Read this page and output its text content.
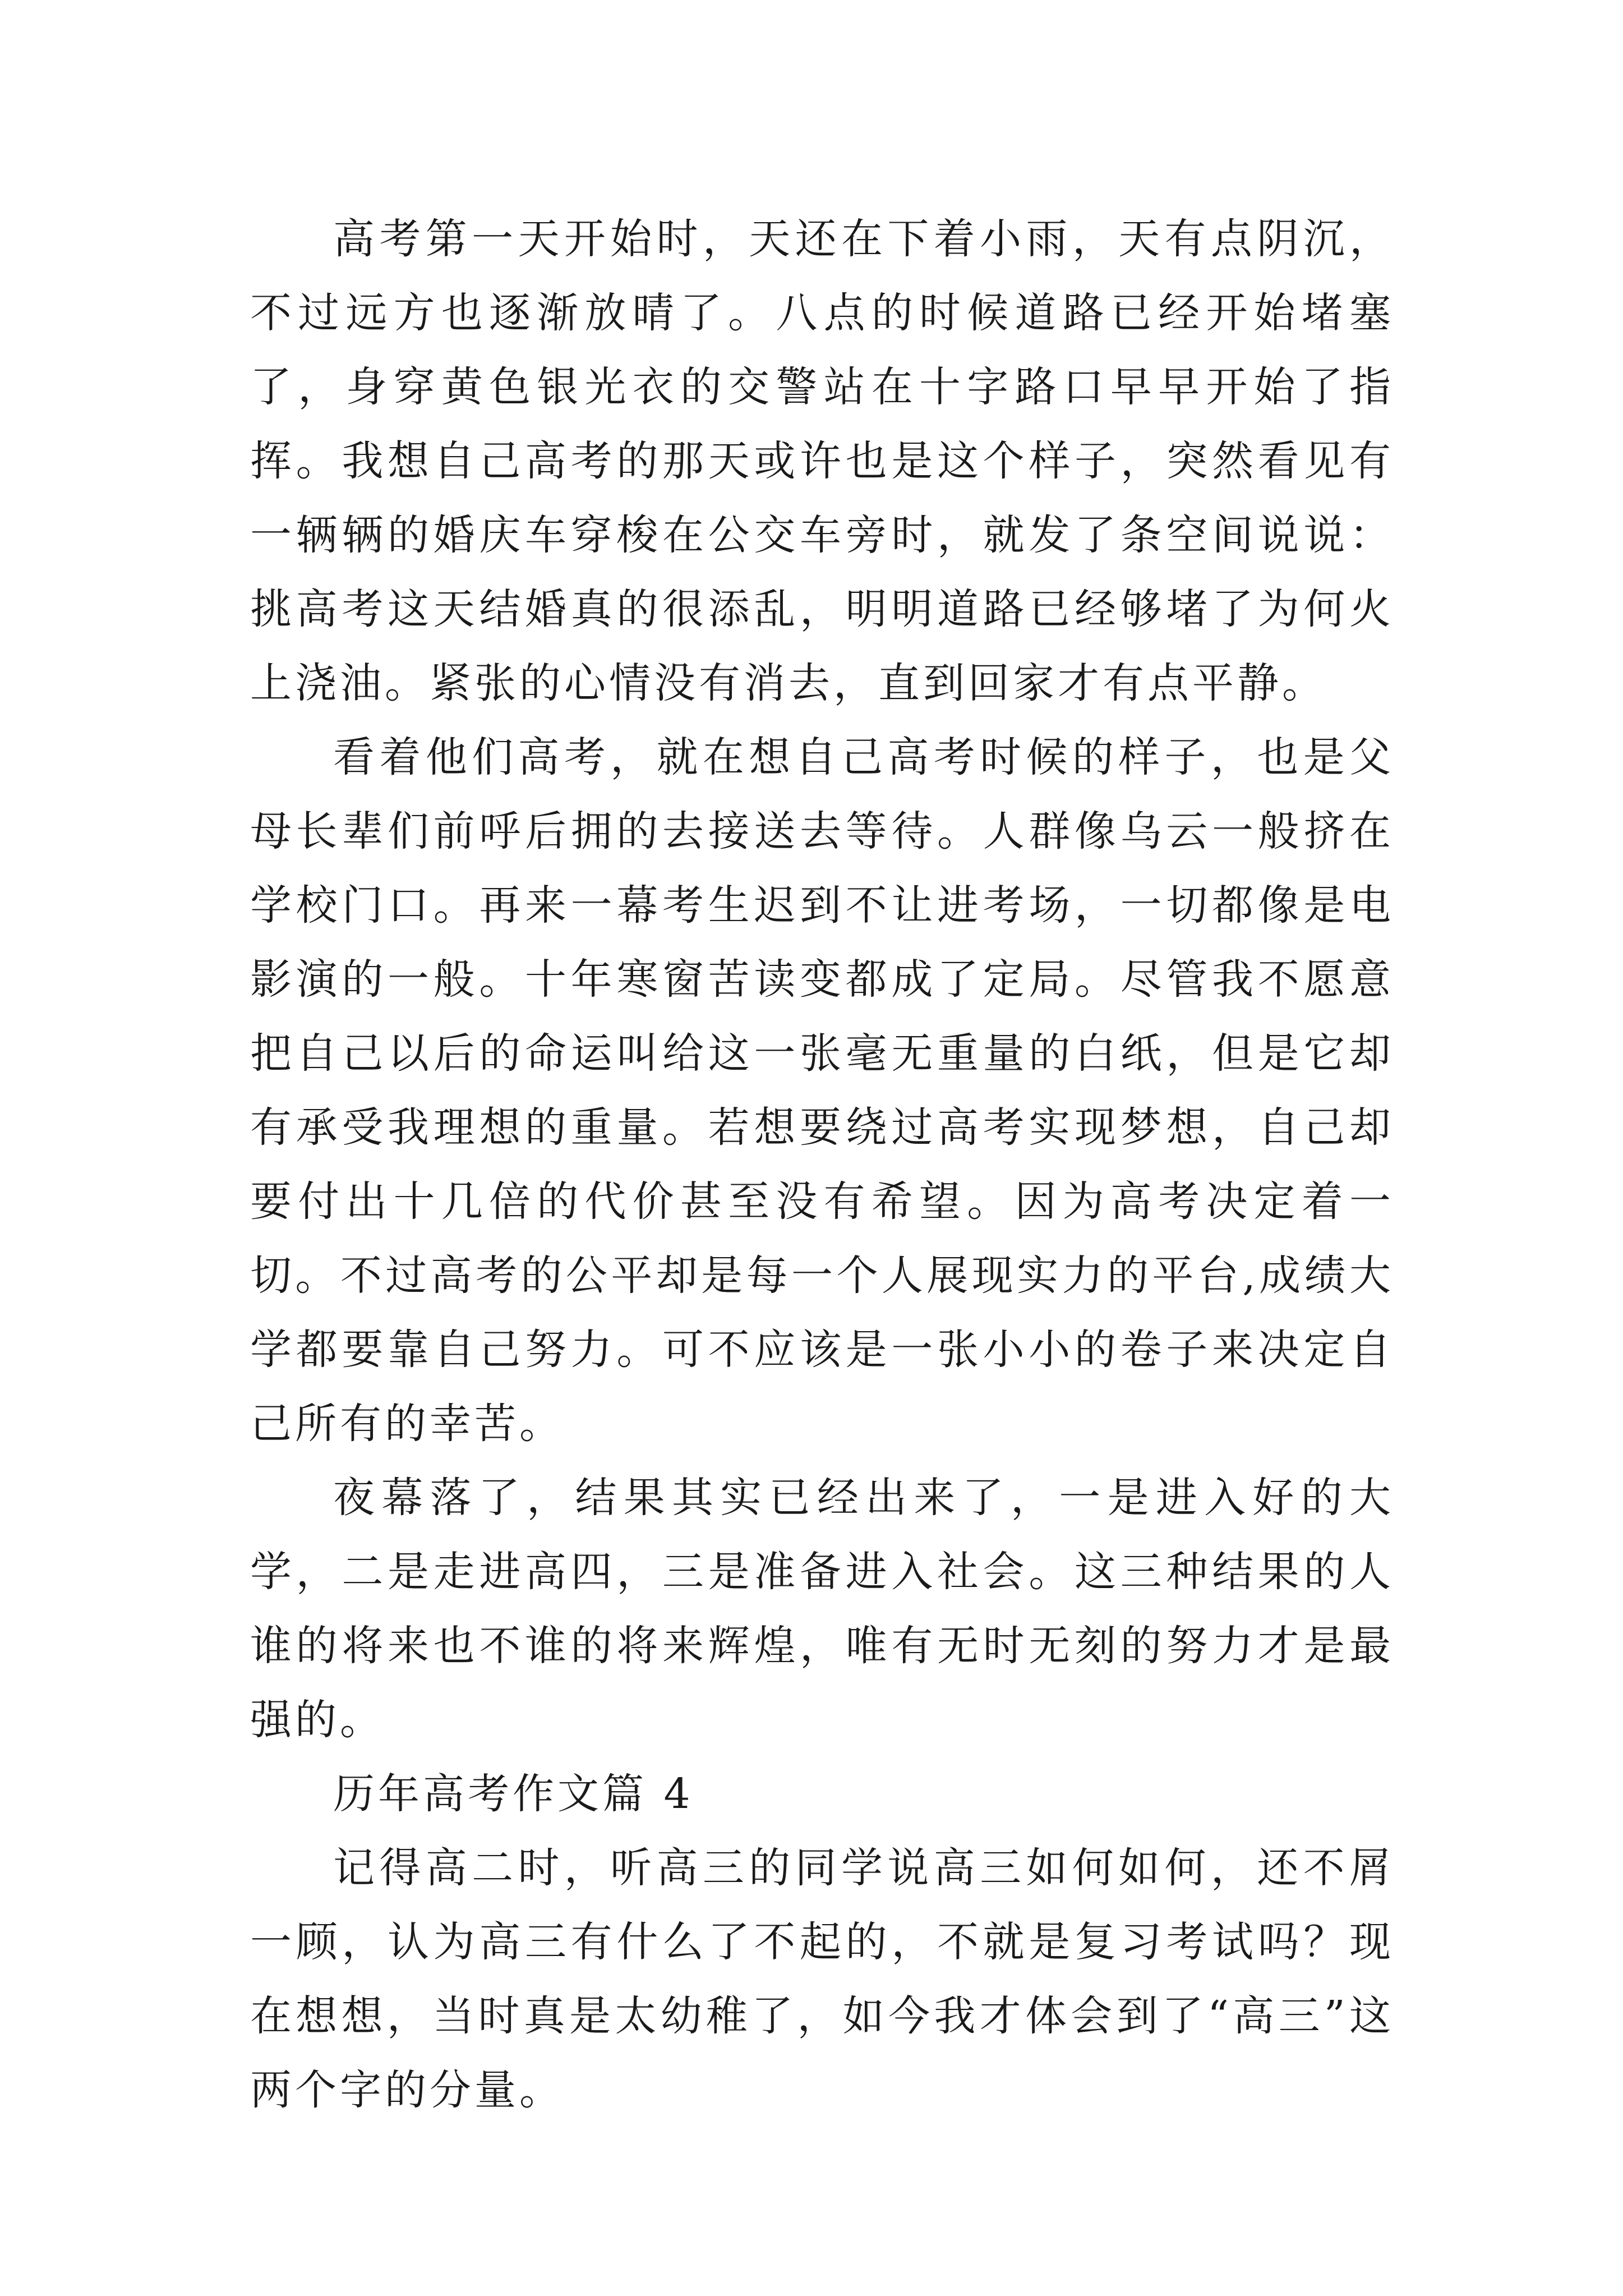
高考第一天开始时，天还在下着小雨，天有点阴沉，不过远方也逐渐放晴了。八点的时候道路已经开始堵塞了，身穿黄色银光衣的交警站在十字路口早早开始了指挥。我想自己高考的那天或许也是这个样子，突然看见有一辆辆的婚庆车穿梭在公交车旁时，就发了条空间说说：挑高考这天结婚真的很添乱，明明道路已经够堵了为何火上浇油。紧张的心情没有消去，直到回家才有点平静。

看着他们高考，就在想自己高考时候的样子，也是父母长辈们前呼后拥的去接送去等待。人群像乌云一般挤在学校门口。再来一幕考生迟到不让进考场，一切都像是电影演的一般。十年寒窗苦读变都成了定局。尽管我不愿意把自己以后的命运叫给这一张毫无重量的白纸，但是它却有承受我理想的重量。若想要绕过高考实现梦想，自己却要付出十几倍的代价甚至没有希望。因为高考决定着一切。不过高考的公平却是每一个人展现实力的平台,成绩大学都要靠自己努力。可不应该是一张小小的卷子来决定自己所有的幸苦。

夜幕落了，结果其实已经出来了，一是进入好的大学，二是走进高四，三是准备进入社会。这三种结果的人谁的将来也不谁的将来辉煌，唯有无时无刻的努力才是最强的。

历年高考作文篇 4

记得高二时，听高三的同学说高三如何如何，还不屑一顾，认为高三有什么了不起的，不就是复习考试吗？现在想想，当时真是太幼稚了，如今我才体会到了“高三”这两个字的分量。
